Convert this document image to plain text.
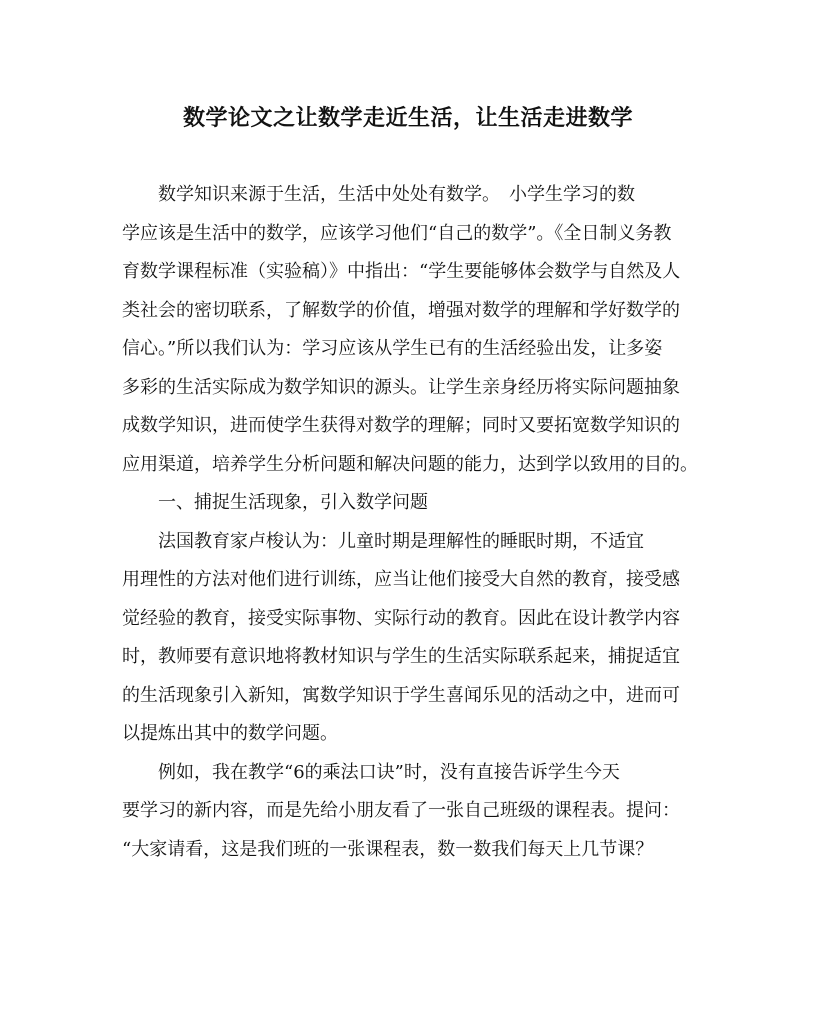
数学论文之让数学走近生活，让生活走进数学
　　数学知识来源于生活，生活中处处有数学。　小学生学习的数
学应该是生活中的数学，应该学习他们“自己的数学”。《全日制义务教
育数学课程标准（实验稿）》中指出：“学生要能够体会数学与自然及人
类社会的密切联系，了解数学的价值，增强对数学的理解和学好数学的
信心。”所以我们认为：学习应该从学生已有的生活经验出发，让多姿
多彩的生活实际成为数学知识的源头。让学生亲身经历将实际问题抽象
成数学知识，进而使学生获得对数学的理解；同时又要拓宽数学知识的
应用渠道，培养学生分析问题和解决问题的能力，达到学以致用的目的。
　　一、捕捉生活现象，引入数学问题
　　法国教育家卢梭认为：儿童时期是理解性的睡眠时期，不适宜
用理性的方法对他们进行训练，应当让他们接受大自然的教育，接受感
觉经验的教育，接受实际事物、实际行动的教育。因此在设计教学内容
时，教师要有意识地将教材知识与学生的生活实际联系起来，捕捉适宜
的生活现象引入新知，寓数学知识于学生喜闻乐见的活动之中，进而可
以提炼出其中的数学问题。
　　例如，我在教学“6的乘法口诀”时，没有直接告诉学生今天
要学习的新内容，而是先给小朋友看了一张自己班级的课程表。提问：
“大家请看，这是我们班的一张课程表，数一数我们每天上几节课？
